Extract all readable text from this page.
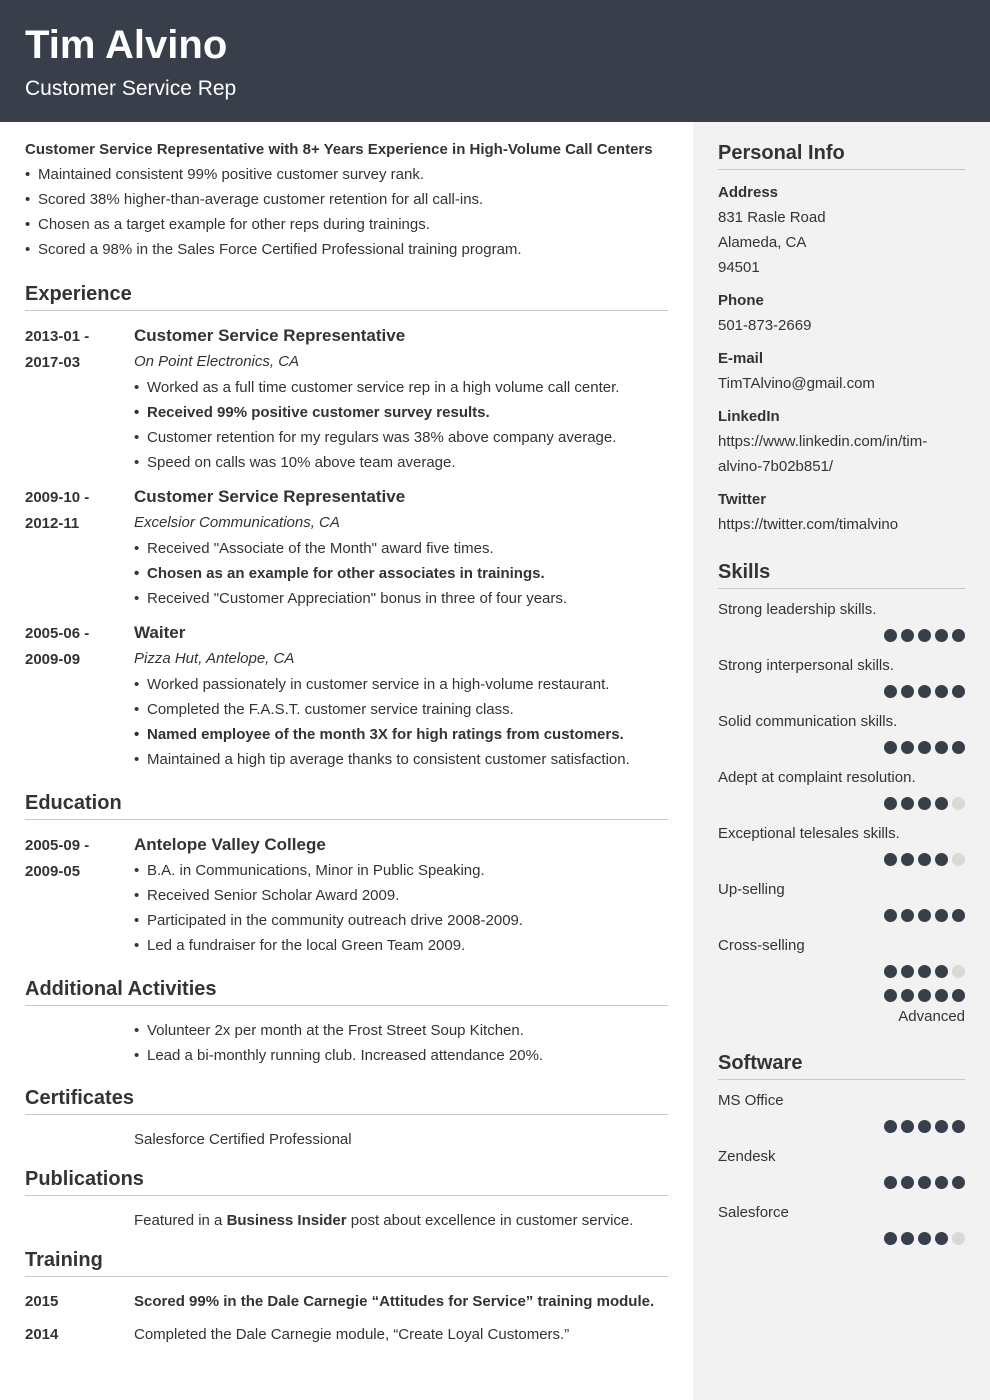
Tim Alvino
Customer Service Rep
Customer Service Representative with 8+ Years Experience in High-Volume Call Centers
• Maintained consistent 99% positive customer survey rank.
• Scored 38% higher-than-average customer retention for all call-ins.
• Chosen as a target example for other reps during trainings.
• Scored a 98% in the Sales Force Certified Professional training program.
Experience
2013-01 -
2017-03
Customer Service Representative
On Point Electronics, CA
• Worked as a full time customer service rep in a high volume call center.
• Received 99% positive customer survey results.
• Customer retention for my regulars was 38% above company average.
• Speed on calls was 10% above team average.
2009-10 -
2012-11
Customer Service Representative
Excelsior Communications, CA
• Received "Associate of the Month" award five times.
• Chosen as an example for other associates in trainings.
• Received "Customer Appreciation" bonus in three of four years.
2005-06 -
2009-09
Waiter
Pizza Hut, Antelope, CA
• Worked passionately in customer service in a high-volume restaurant.
• Completed the F.A.S.T. customer service training class.
• Named employee of the month 3X for high ratings from customers.
• Maintained a high tip average thanks to consistent customer satisfaction.
Education
2005-09 -
2009-05
Antelope Valley College
• B.A. in Communications, Minor in Public Speaking.
• Received Senior Scholar Award 2009.
• Participated in the community outreach drive 2008-2009.
• Led a fundraiser for the local Green Team 2009.
Additional Activities
• Volunteer 2x per month at the Frost Street Soup Kitchen.
• Lead a bi-monthly running club. Increased attendance 20%.
Certificates
Salesforce Certified Professional
Publications
Featured in a Business Insider post about excellence in customer service.
Training
2015	Scored 99% in the Dale Carnegie “Attitudes for Service” training module.
2014	Completed the Dale Carnegie module, “Create Loyal Customers.”
Personal Info
Address
831 Rasle Road
Alameda, CA
94501
Phone
501-873-2669
E-mail
TimTAlvino@gmail.com
LinkedIn
https://www.linkedin.com/in/tim-
alvino-7b02b851/
Twitter
https://twitter.com/timalvino
Skills
Strong leadership skills.
Strong interpersonal skills.
Solid communication skills.
Adept at complaint resolution.
Exceptional telesales skills.
Up-selling
Cross-selling
Advanced
Software
MS Office
Zendesk
Salesforce
